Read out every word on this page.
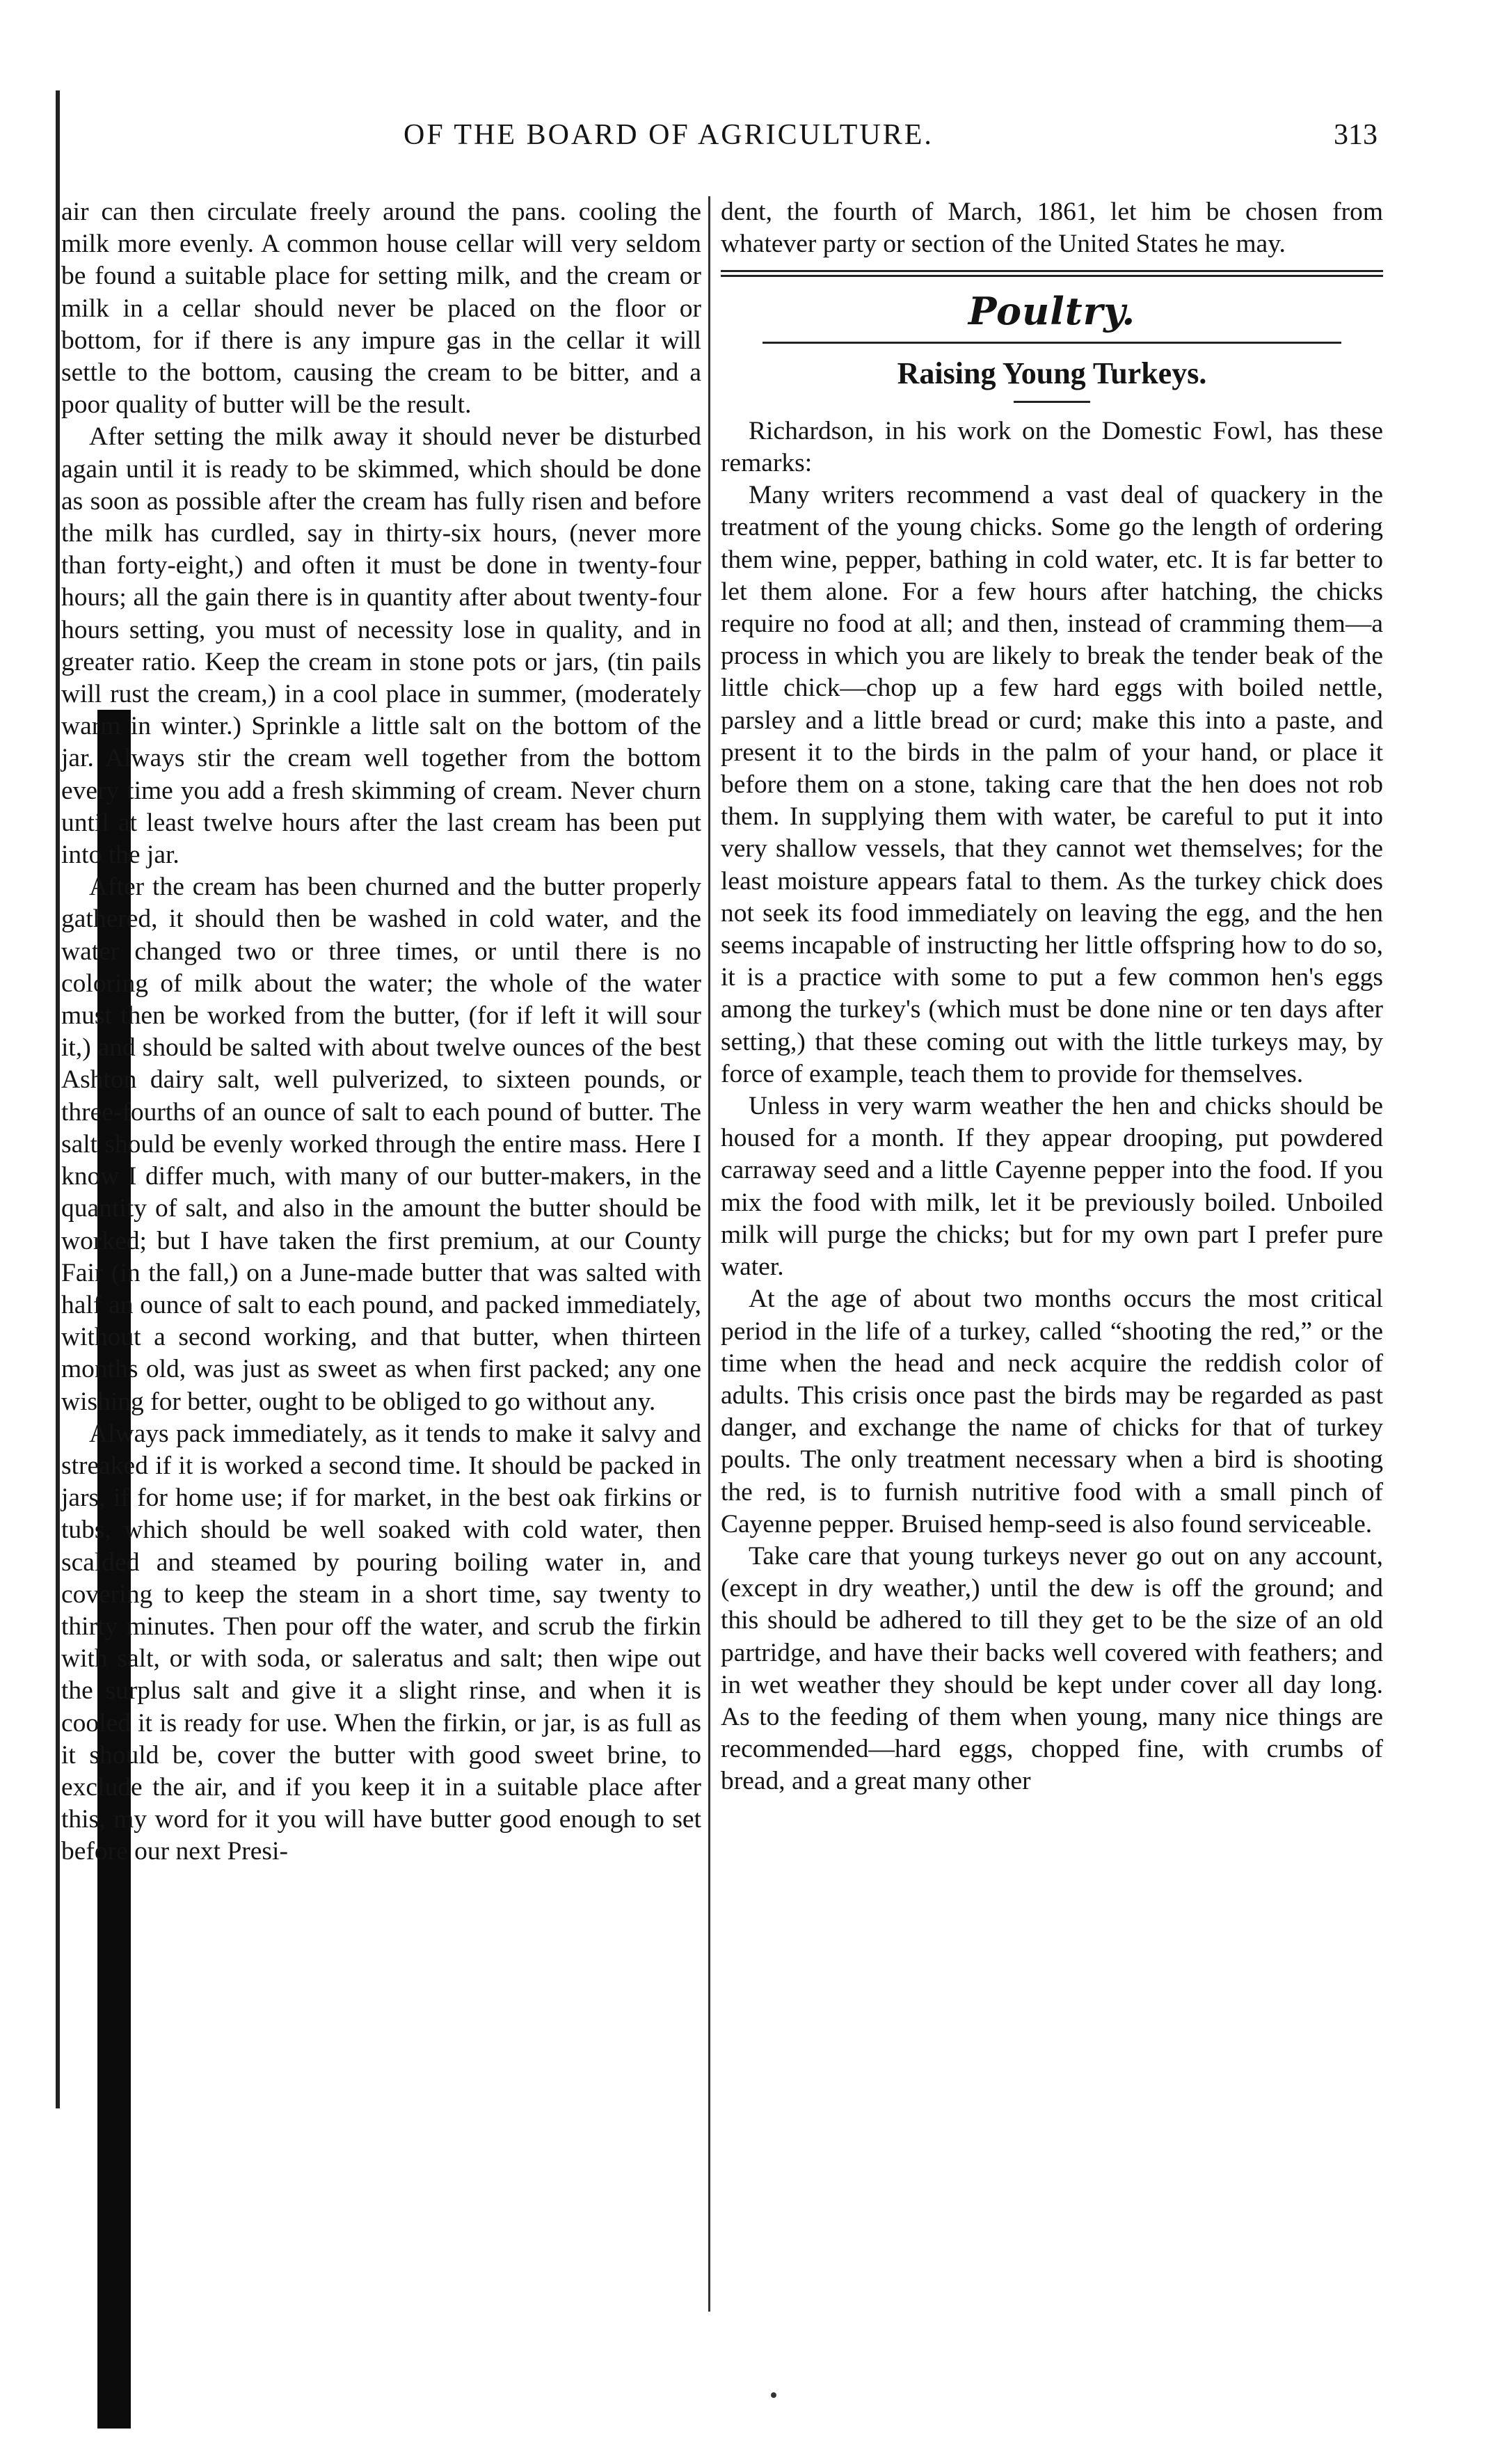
OF THE BOARD OF AGRICULTURE.	313

air can then circulate freely around the pans. cooling the milk more evenly. A common house cellar will very seldom be found a suitable place for setting milk, and the cream or milk in a cellar should never be placed on the floor or bottom, for if there is any impure gas in the cellar it will settle to the bottom, causing the cream to be bitter, and a poor quality of butter will be the result.

After setting the milk away it should never be disturbed again until it is ready to be skimmed, which should be done as soon as possible after the cream has fully risen and before the milk has curdled, say in thirty-six hours, (never more than forty-eight,) and often it must be done in twenty-four hours; all the gain there is in quantity after about twenty-four hours setting, you must of necessity lose in quality, and in greater ratio. Keep the cream in stone pots or jars, (tin pails will rust the cream,) in a cool place in summer, (moderately warm in winter.) Sprinkle a little salt on the bottom of the jar. Always stir the cream well together from the bottom every time you add a fresh skimming of cream. Never churn until at least twelve hours after the last cream has been put into the jar.

After the cream has been churned and the butter properly gathered, it should then be washed in cold water, and the water changed two or three times, or until there is no coloring of milk about the water; the whole of the water must then be worked from the butter, (for if left it will sour it,) and should be salted with about twelve ounces of the best Ashton dairy salt, well pulverized, to sixteen pounds, or three-fourths of an ounce of salt to each pound of butter. The salt should be evenly worked through the entire mass. Here I know I differ much, with many of our butter-makers, in the quantity of salt, and also in the amount the butter should be worked; but I have taken the first premium, at our County Fair (in the fall,) on a June-made butter that was salted with half an ounce of salt to each pound, and packed immediately, without a second working, and that butter, when thirteen months old, was just as sweet as when first packed; any one wishing for better, ought to be obliged to go without any.

Always pack immediately, as it tends to make it salvy and streaked if it is worked a second time. It should be packed in jars, if for home use; if for market, in the best oak firkins or tubs, which should be well soaked with cold water, then scalded and steamed by pouring boiling water in, and covering to keep the steam in a short time, say twenty to thirty minutes. Then pour off the water, and scrub the firkin with salt, or with soda, or saleratus and salt; then wipe out the surplus salt and give it a slight rinse, and when it is cooled it is ready for use. When the firkin, or jar, is as full as it should be, cover the butter with good sweet brine, to exclude the air, and if you keep it in a suitable place after this, my word for it you will have butter good enough to set before our next Presi-

dent, the fourth of March, 1861, let him be chosen from whatever party or section of the United States he may.

Poultry.
Raising Young Turkeys.

Richardson, in his work on the Domestic Fowl, has these remarks:

Many writers recommend a vast deal of quackery in the treatment of the young chicks. Some go the length of ordering them wine, pepper, bathing in cold water, etc. It is far better to let them alone. For a few hours after hatching, the chicks require no food at all; and then, instead of cramming them—a process in which you are likely to break the tender beak of the little chick—chop up a few hard eggs with boiled nettle, parsley and a little bread or curd; make this into a paste, and present it to the birds in the palm of your hand, or place it before them on a stone, taking care that the hen does not rob them. In supplying them with water, be careful to put it into very shallow vessels, that they cannot wet themselves; for the least moisture appears fatal to them. As the turkey chick does not seek its food immediately on leaving the egg, and the hen seems incapable of instructing her little offspring how to do so, it is a practice with some to put a few common hen's eggs among the turkey's (which must be done nine or ten days after setting,) that these coming out with the little turkeys may, by force of example, teach them to provide for themselves.

Unless in very warm weather the hen and chicks should be housed for a month. If they appear drooping, put powdered carraway seed and a little Cayenne pepper into the food. If you mix the food with milk, let it be previously boiled. Unboiled milk will purge the chicks; but for my own part I prefer pure water.

At the age of about two months occurs the most critical period in the life of a turkey, called “shooting the red,” or the time when the head and neck acquire the reddish color of adults. This crisis once past the birds may be regarded as past danger, and exchange the name of chicks for that of turkey poults. The only treatment necessary when a bird is shooting the red, is to furnish nutritive food with a small pinch of Cayenne pepper. Bruised hemp-seed is also found serviceable.

Take care that young turkeys never go out on any account, (except in dry weather,) until the dew is off the ground; and this should be adhered to till they get to be the size of an old partridge, and have their backs well covered with feathers; and in wet weather they should be kept under cover all day long. As to the feeding of them when young, many nice things are recommended—hard eggs, chopped fine, with crumbs of bread, and a great many other
